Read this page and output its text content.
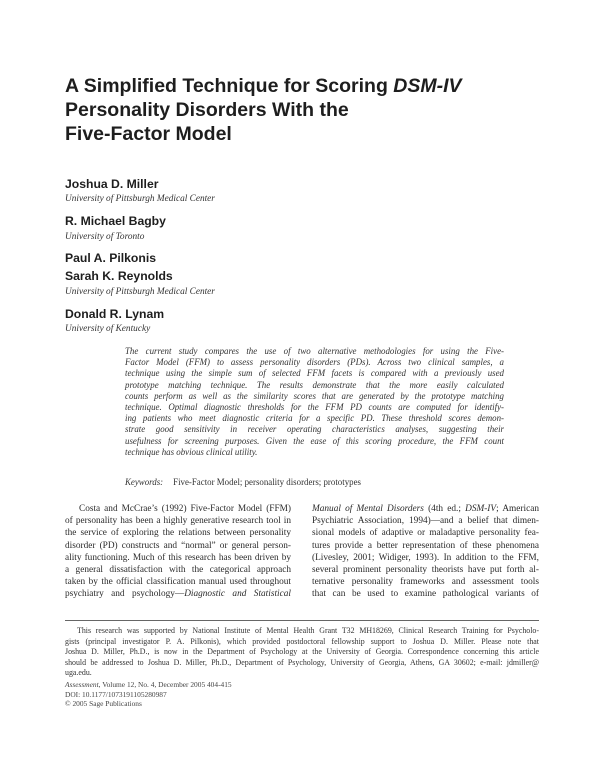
A Simplified Technique for Scoring DSM-IV
Personality Disorders With the
Five-Factor Model
Joshua D. Miller
University of Pittsburgh Medical Center
R. Michael Bagby
University of Toronto
Paul A. Pilkonis
Sarah K. Reynolds
University of Pittsburgh Medical Center
Donald R. Lynam
University of Kentucky
The current study compares the use of two alternative methodologies for using the Five-
Factor Model (FFM) to assess personality disorders (PDs). Across two clinical samples, a
technique using the simple sum of selected FFM facets is compared with a previously used
prototype matching technique. The results demonstrate that the more easily calculated
counts perform as well as the similarity scores that are generated by the prototype matching
technique. Optimal diagnostic thresholds for the FFM PD counts are computed for identify-
ing patients who meet diagnostic criteria for a specific PD. These threshold scores demon-
strate good sensitivity in receiver operating characteristics analyses, suggesting their
usefulness for screening purposes. Given the ease of this scoring procedure, the FFM count
technique has obvious clinical utility.
Keywords: Five-Factor Model; personality disorders; prototypes
Costa and McCrae’s (1992) Five-Factor Model (FFM)
of personality has been a highly generative research tool in
the service of exploring the relations between personality
disorder (PD) constructs and “normal” or general person-
ality functioning. Much of this research has been driven by
a general dissatisfaction with the categorical approach
taken by the official classification manual used throughout
psychiatry and psychology—Diagnostic and Statistical
Manual of Mental Disorders (4th ed.; DSM-IV; American
Psychiatric Association, 1994)—and a belief that dimen-
sional models of adaptive or maladaptive personality fea-
tures provide a better representation of these phenomena
(Livesley, 2001; Widiger, 1993). In addition to the FFM,
several prominent personality theorists have put forth al-
ternative personality frameworks and assessment tools
that can be used to examine pathological variants of
This research was supported by National Institute of Mental Health Grant T32 MH18269, Clinical Research Training for Psycholo-
gists (principal investigator P. A. Pilkonis), which provided postdoctoral fellowship support to Joshua D. Miller. Please note that
Joshua D. Miller, Ph.D., is now in the Department of Psychology at the University of Georgia. Correspondence concerning this article
should be addressed to Joshua D. Miller, Ph.D., Department of Psychology, University of Georgia, Athens, GA 30602; e-mail: jdmiller@
uga.edu.
Assessment, Volume 12, No. 4, December 2005 404-415
DOI: 10.1177/1073191105280987
© 2005 Sage Publications
